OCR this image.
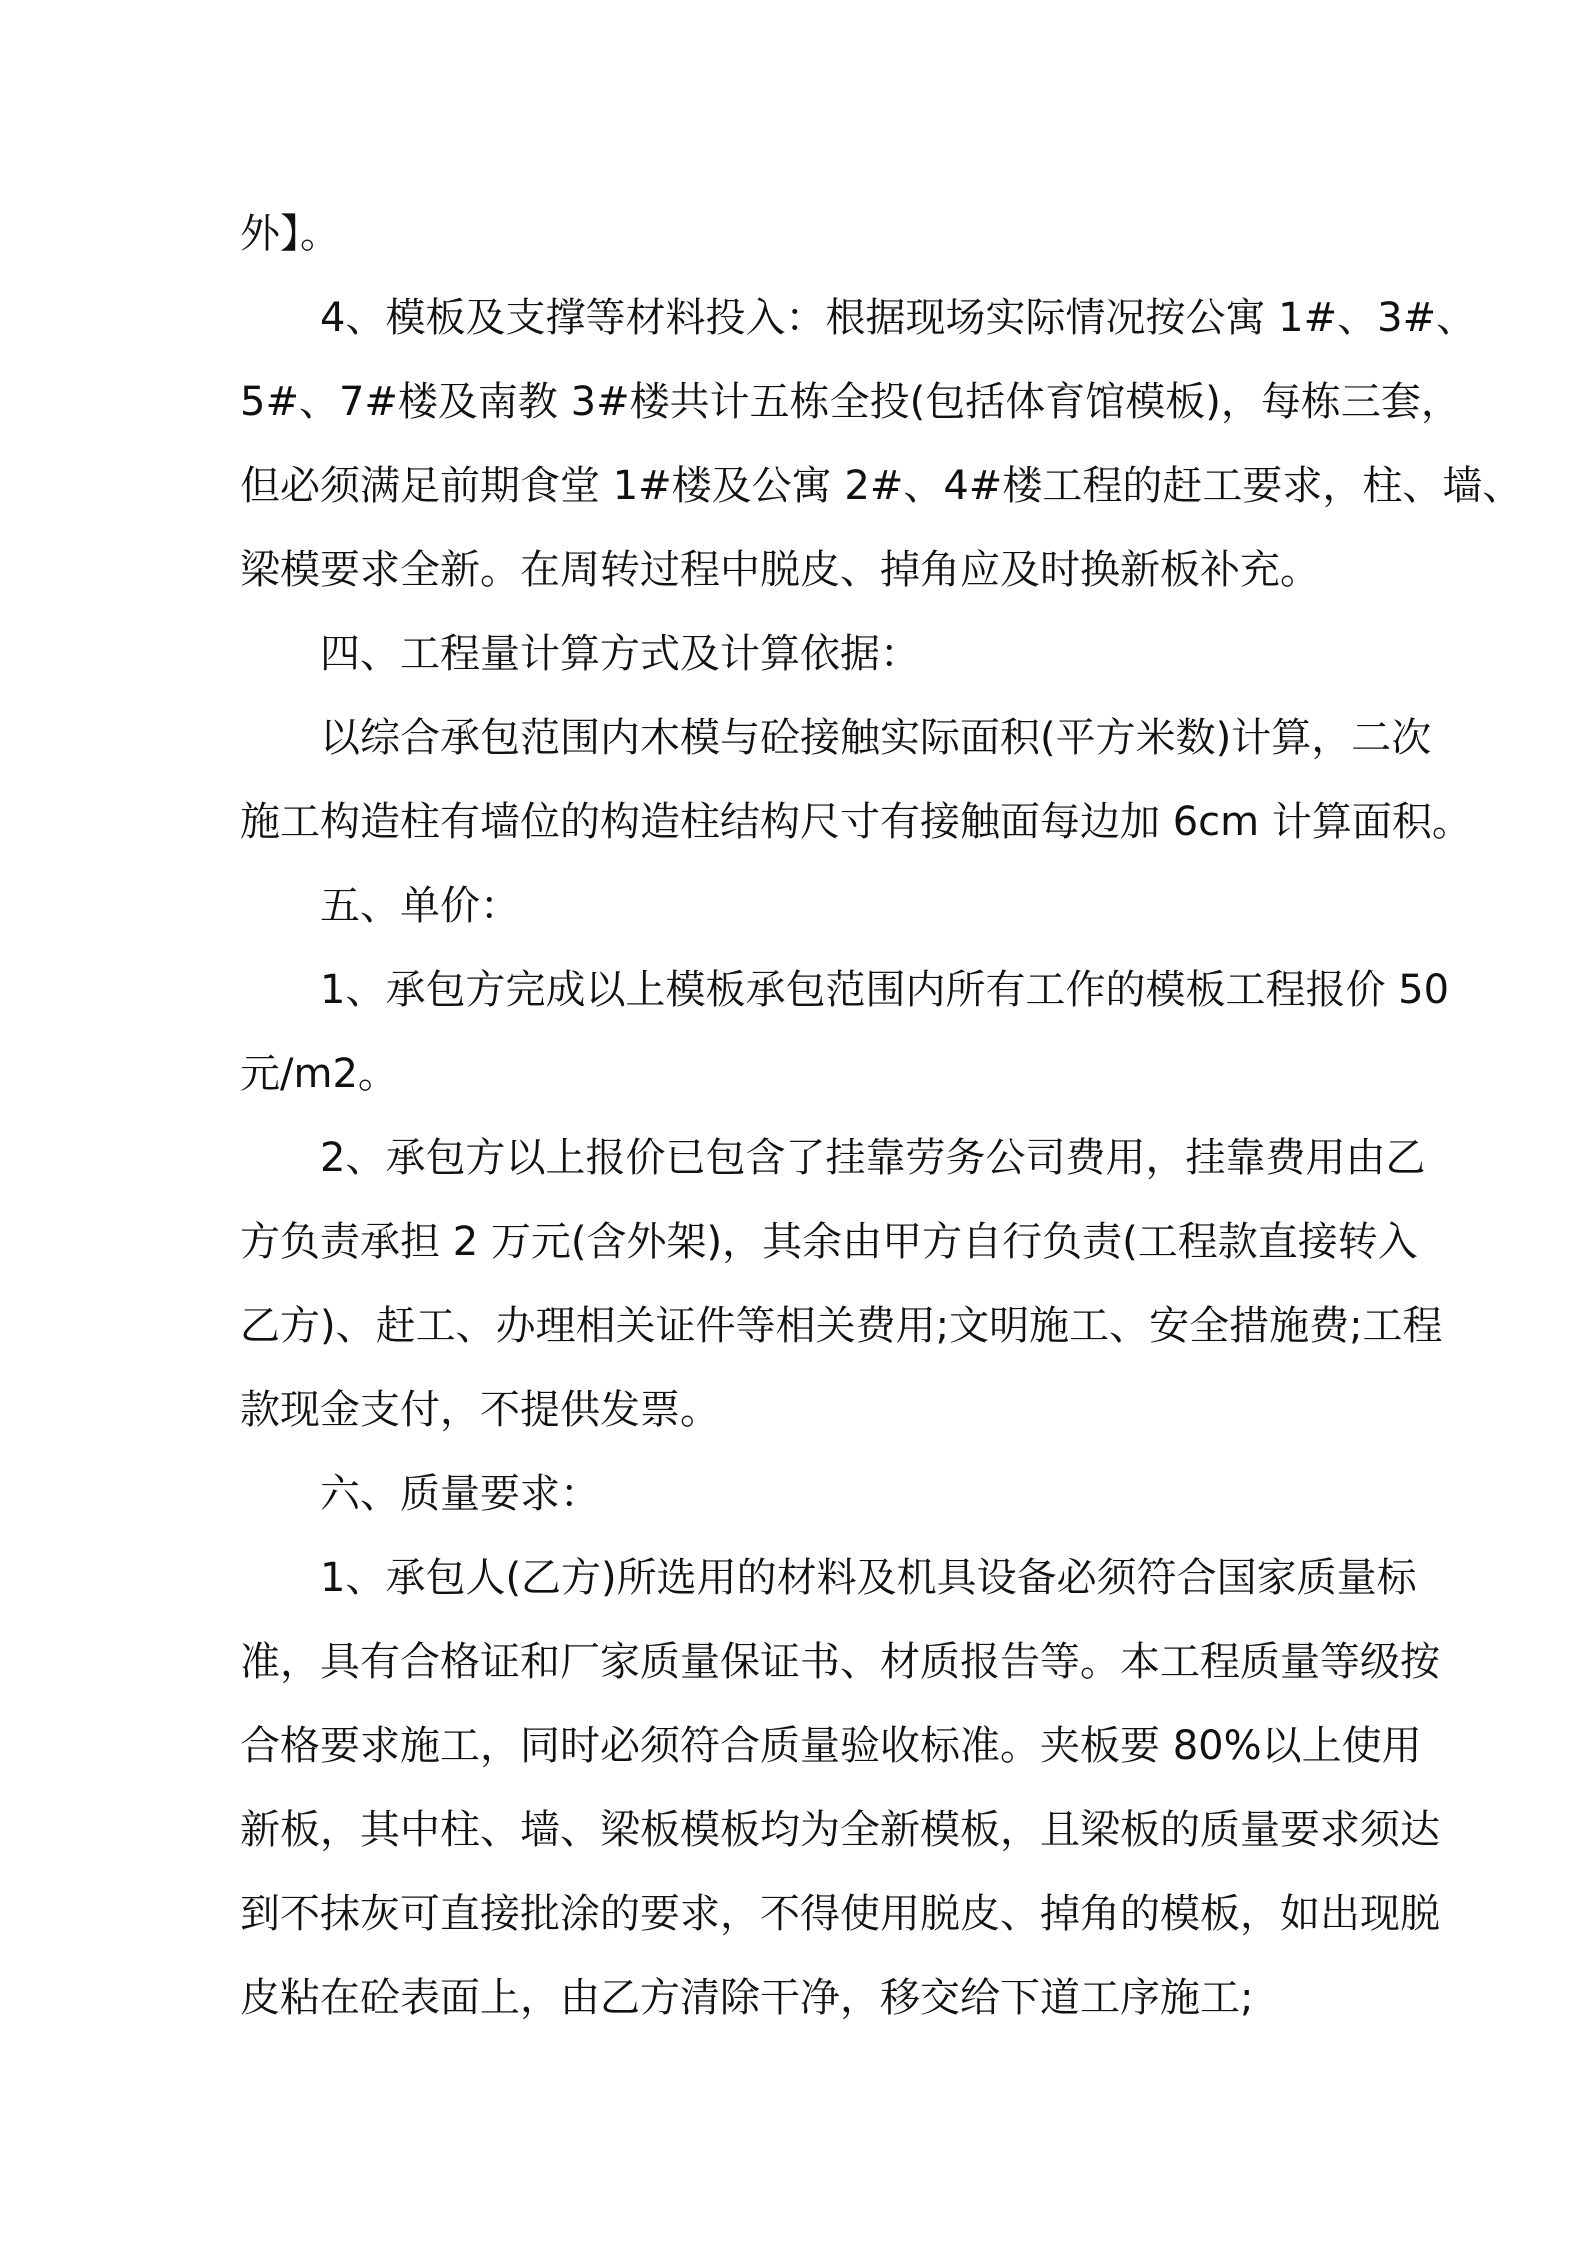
外】。
4、模板及支撑等材料投入：根据现场实际情况按公寓 1#、3#、
5#、7#楼及南教 3#楼共计五栋全投(包括体育馆模板)，每栋三套，
但必须满足前期食堂 1#楼及公寓 2#、4#楼工程的赶工要求，柱、墙、
梁模要求全新。在周转过程中脱皮、掉角应及时换新板补充。
四、工程量计算方式及计算依据：
以综合承包范围内木模与砼接触实际面积(平方米数)计算，二次
施工构造柱有墙位的构造柱结构尺寸有接触面每边加 6cm 计算面积。
五、单价：
1、承包方完成以上模板承包范围内所有工作的模板工程报价 50
元/m2。
2、承包方以上报价已包含了挂靠劳务公司费用，挂靠费用由乙
方负责承担 2 万元(含外架)，其余由甲方自行负责(工程款直接转入
乙方)、赶工、办理相关证件等相关费用;文明施工、安全措施费;工程
款现金支付，不提供发票。
六、质量要求：
1、承包人(乙方)所选用的材料及机具设备必须符合国家质量标
准，具有合格证和厂家质量保证书、材质报告等。本工程质量等级按
合格要求施工，同时必须符合质量验收标准。夹板要 80%以上使用
新板，其中柱、墙、梁板模板均为全新模板，且梁板的质量要求须达
到不抹灰可直接批涂的要求，不得使用脱皮、掉角的模板，如出现脱
皮粘在砼表面上，由乙方清除干净，移交给下道工序施工;
